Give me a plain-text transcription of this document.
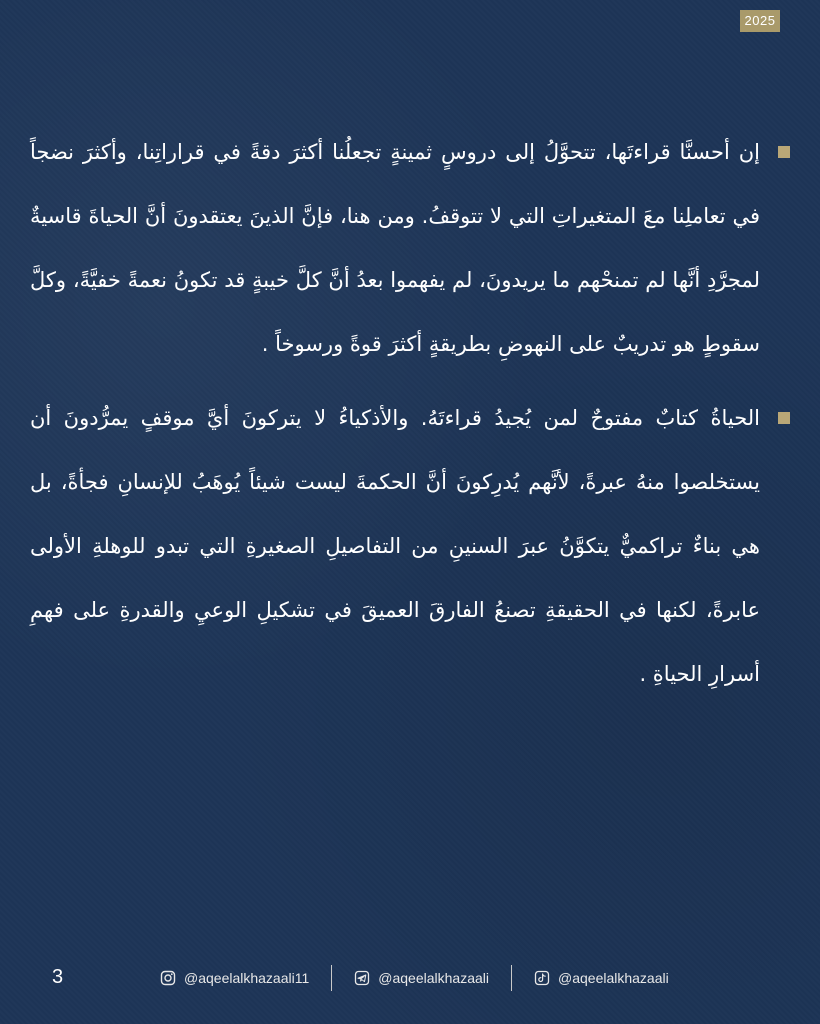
2025

إن أحسنَّا قراءتَها، تتحوَّلُ إلى دروسٍ ثمينةٍ تجعلُنا أكثرَ دقةً في قراراتِنا، وأكثرَ نضجاً في تعاملِنا معَ المتغيراتِ التي لا تتوقفُ. ومن هنا، فإنَّ الذينَ يعتقدونَ أنَّ الحياةَ قاسيةٌ لمجرَّدِ أنَّها لم تمنحْهم ما يريدونَ، لم يفهموا بعدُ أنَّ كلَّ خيبةٍ قد تكونُ نعمةً خفيَّةً، وكلَّ سقوطٍ هو تدريبٌ على النهوضِ بطريقةٍ أكثرَ قوةً ورسوخاً .

الحياةُ كتابٌ مفتوحٌ لمن يُجيدُ قراءتَهُ. والأذكياءُ لا يتركونَ أيَّ موقفٍ يمرُّدونَ أن يستخلصوا منهُ عبرةً، لأنَّهم يُدرِكونَ أنَّ الحكمةَ ليست شيئاً يُوهَبُ للإنسانِ فجأةً، بل هي بناءٌ تراكميٌّ يتكوَّنُ عبرَ السنينِ من التفاصيلِ الصغيرةِ التي تبدو للوهلةِ الأولى عابرةً، لكنها في الحقيقةِ تصنعُ الفارقَ العميقَ في تشكيلِ الوعيِ والقدرةِ على فهمِ أسرارِ الحياةِ .

3	@aqeelalkhazaali11	@aqeelalkhazaali	@aqeelalkhazaali
